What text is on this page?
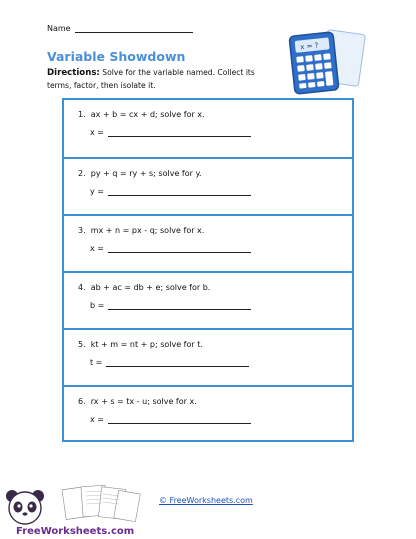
Name
Variable Showdown
Directions: Solve for the variable named. Collect its terms, factor, then isolate it.
x = ?
1. ax + b = cx + d; solve for x.
x =
2. py + q = ry + s; solve for y.
y =
3. mx + n = px - q; solve for x.
x =
4. ab + ac = db + e; solve for b.
b =
5. kt + m = nt + p; solve for t.
t =
6. rx + s = tx - u; solve for x.
x =
FreeWorksheets.com
© FreeWorksheets.com
